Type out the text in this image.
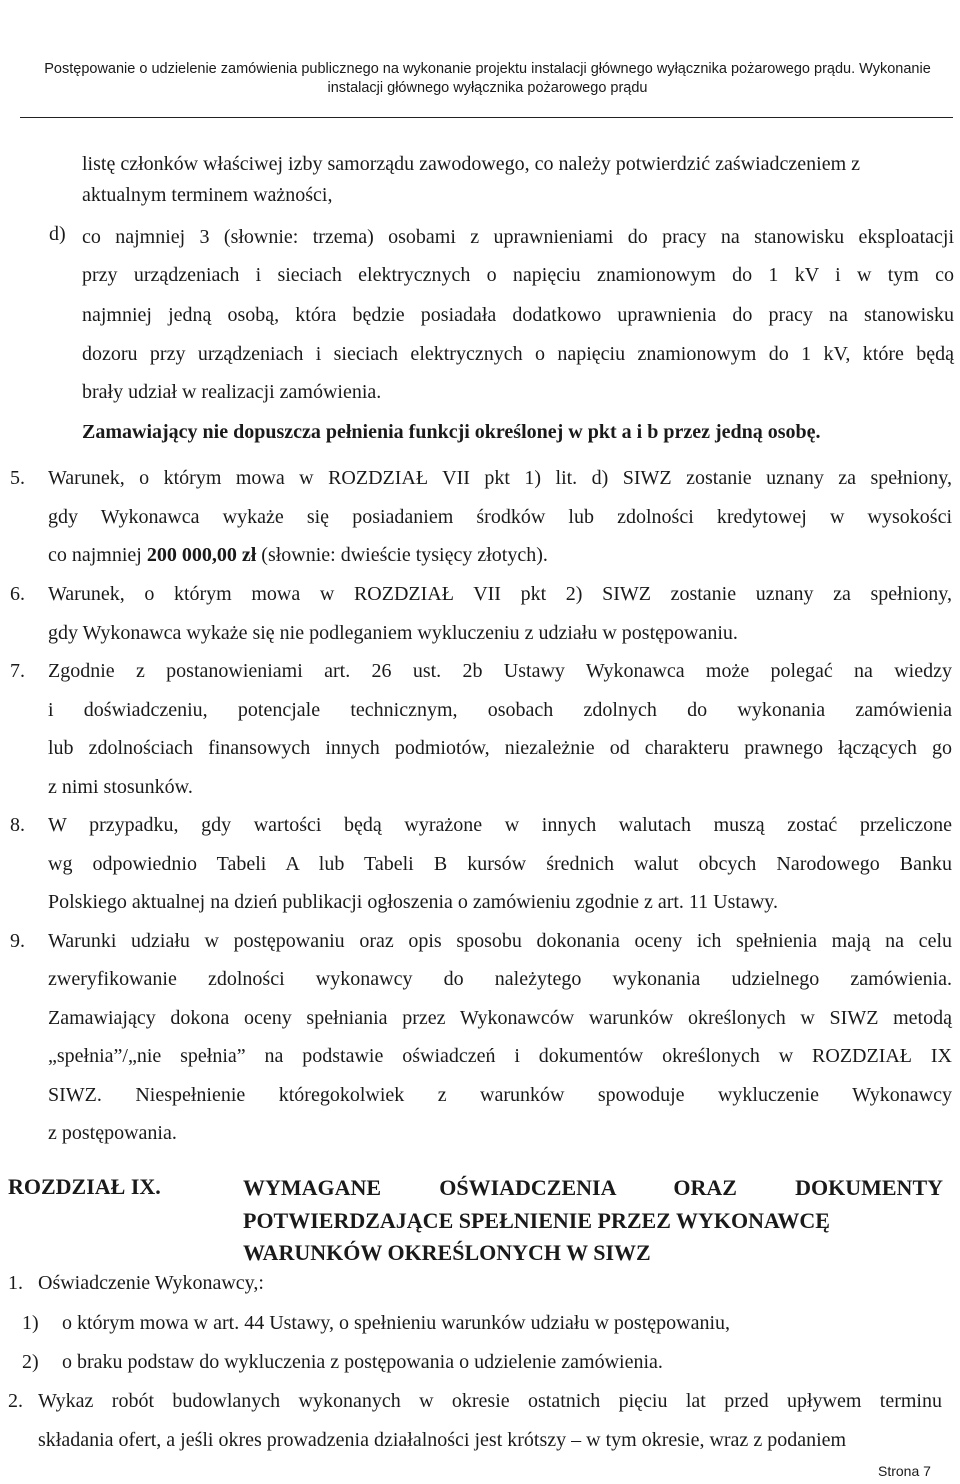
Postępowanie o udzielenie zamówienia publicznego na wykonanie projektu instalacji głównego wyłącznika pożarowego prądu. Wykonanie
instalacji głównego wyłącznika pożarowego prądu
listę członków właściwej izby samorządu zawodowego, co należy potwierdzić zaświadczeniem z
aktualnym terminem ważności,
d) co najmniej 3 (słownie: trzema) osobami z uprawnieniami do pracy na stanowisku eksploatacji
przy urządzeniach i sieciach elektrycznych o napięciu znamionowym do 1 kV i w tym co
najmniej jedną osobą, która będzie posiadała dodatkowo uprawnienia do pracy na stanowisku
dozoru przy urządzeniach i sieciach elektrycznych o napięciu znamionowym do 1 kV, które będą
brały udział w realizacji zamówienia.
Zamawiający nie dopuszcza pełnienia funkcji określonej w pkt a i b przez jedną osobę.
5. Warunek, o którym mowa w ROZDZIAŁ VII pkt 1) lit. d) SIWZ zostanie uznany za spełniony,
gdy Wykonawca wykaże się posiadaniem środków lub zdolności kredytowej w wysokości
co najmniej 200 000,00 zł (słownie: dwieście tysięcy złotych).
6. Warunek, o którym mowa w ROZDZIAŁ VII pkt 2) SIWZ zostanie uznany za spełniony,
gdy Wykonawca wykaże się nie podleganiem wykluczeniu z udziału w postępowaniu.
7. Zgodnie z postanowieniami art. 26 ust. 2b Ustawy Wykonawca może polegać na wiedzy
i doświadczeniu, potencjale technicznym, osobach zdolnych do wykonania zamówienia
lub zdolnościach finansowych innych podmiotów, niezależnie od charakteru prawnego łączących go
z nimi stosunków.
8. W przypadku, gdy wartości będą wyrażone w innych walutach muszą zostać przeliczone
wg odpowiednio Tabeli A lub Tabeli B kursów średnich walut obcych Narodowego Banku
Polskiego aktualnej na dzień publikacji ogłoszenia o zamówieniu zgodnie z art. 11 Ustawy.
9. Warunki udziału w postępowaniu oraz opis sposobu dokonania oceny ich spełnienia mają na celu
zweryfikowanie zdolności wykonawcy do należytego wykonania udzielnego zamówienia.
Zamawiający dokona oceny spełniania przez Wykonawców warunków określonych w SIWZ metodą
„spełnia”/„nie spełnia” na podstawie oświadczeń i dokumentów określonych w ROZDZIAŁ IX
SIWZ. Niespełnienie któregokolwiek z warunków spowoduje wykluczenie Wykonawcy
z postępowania.
ROZDZIAŁ IX.	WYMAGANE OŚWIADCZENIA ORAZ DOKUMENTY
POTWIERDZAJĄCE SPEŁNIENIE PRZEZ WYKONAWCĘ
WARUNKÓW OKREŚLONYCH W SIWZ
1. Oświadczenie Wykonawcy,:
1) o którym mowa w art. 44 Ustawy, o spełnieniu warunków udziału w postępowaniu,
2) o braku podstaw do wykluczenia z postępowania o udzielenie zamówienia.
2. Wykaz robót budowlanych wykonanych w okresie ostatnich pięciu lat przed upływem terminu
składania ofert, a jeśli okres prowadzenia działalności jest krótszy – w tym okresie, wraz z podaniem
Strona 7
